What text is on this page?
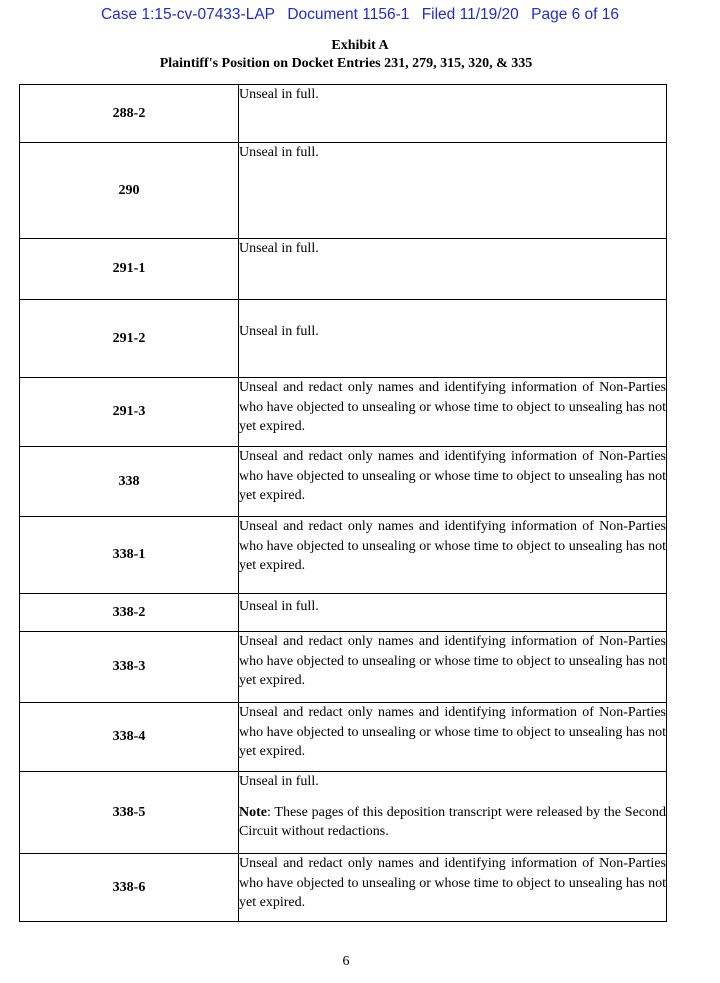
Case 1:15-cv-07433-LAP Document 1156-1 Filed 11/19/20 Page 6 of 16
Exhibit A
Plaintiff's Position on Docket Entries 231, 279, 315, 320, & 335
288-2	Unseal in full.
290	Unseal in full.
291-1	Unseal in full.
291-2	Unseal in full.
291-3	Unseal and redact only names and identifying information of Non-Parties who have objected to unsealing or whose time to object to unsealing has not yet expired.
338	Unseal and redact only names and identifying information of Non-Parties who have objected to unsealing or whose time to object to unsealing has not yet expired.
338-1	Unseal and redact only names and identifying information of Non-Parties who have objected to unsealing or whose time to object to unsealing has not yet expired.
338-2	Unseal in full.
338-3	Unseal and redact only names and identifying information of Non-Parties who have objected to unsealing or whose time to object to unsealing has not yet expired.
338-4	Unseal and redact only names and identifying information of Non-Parties who have objected to unsealing or whose time to object to unsealing has not yet expired.
338-5	Unseal in full.
Note: These pages of this deposition transcript were released by the Second Circuit without redactions.

338-6	Unseal and redact only names and identifying information of Non-Parties who have objected to unsealing or whose time to object to unsealing has not yet expired.
6
